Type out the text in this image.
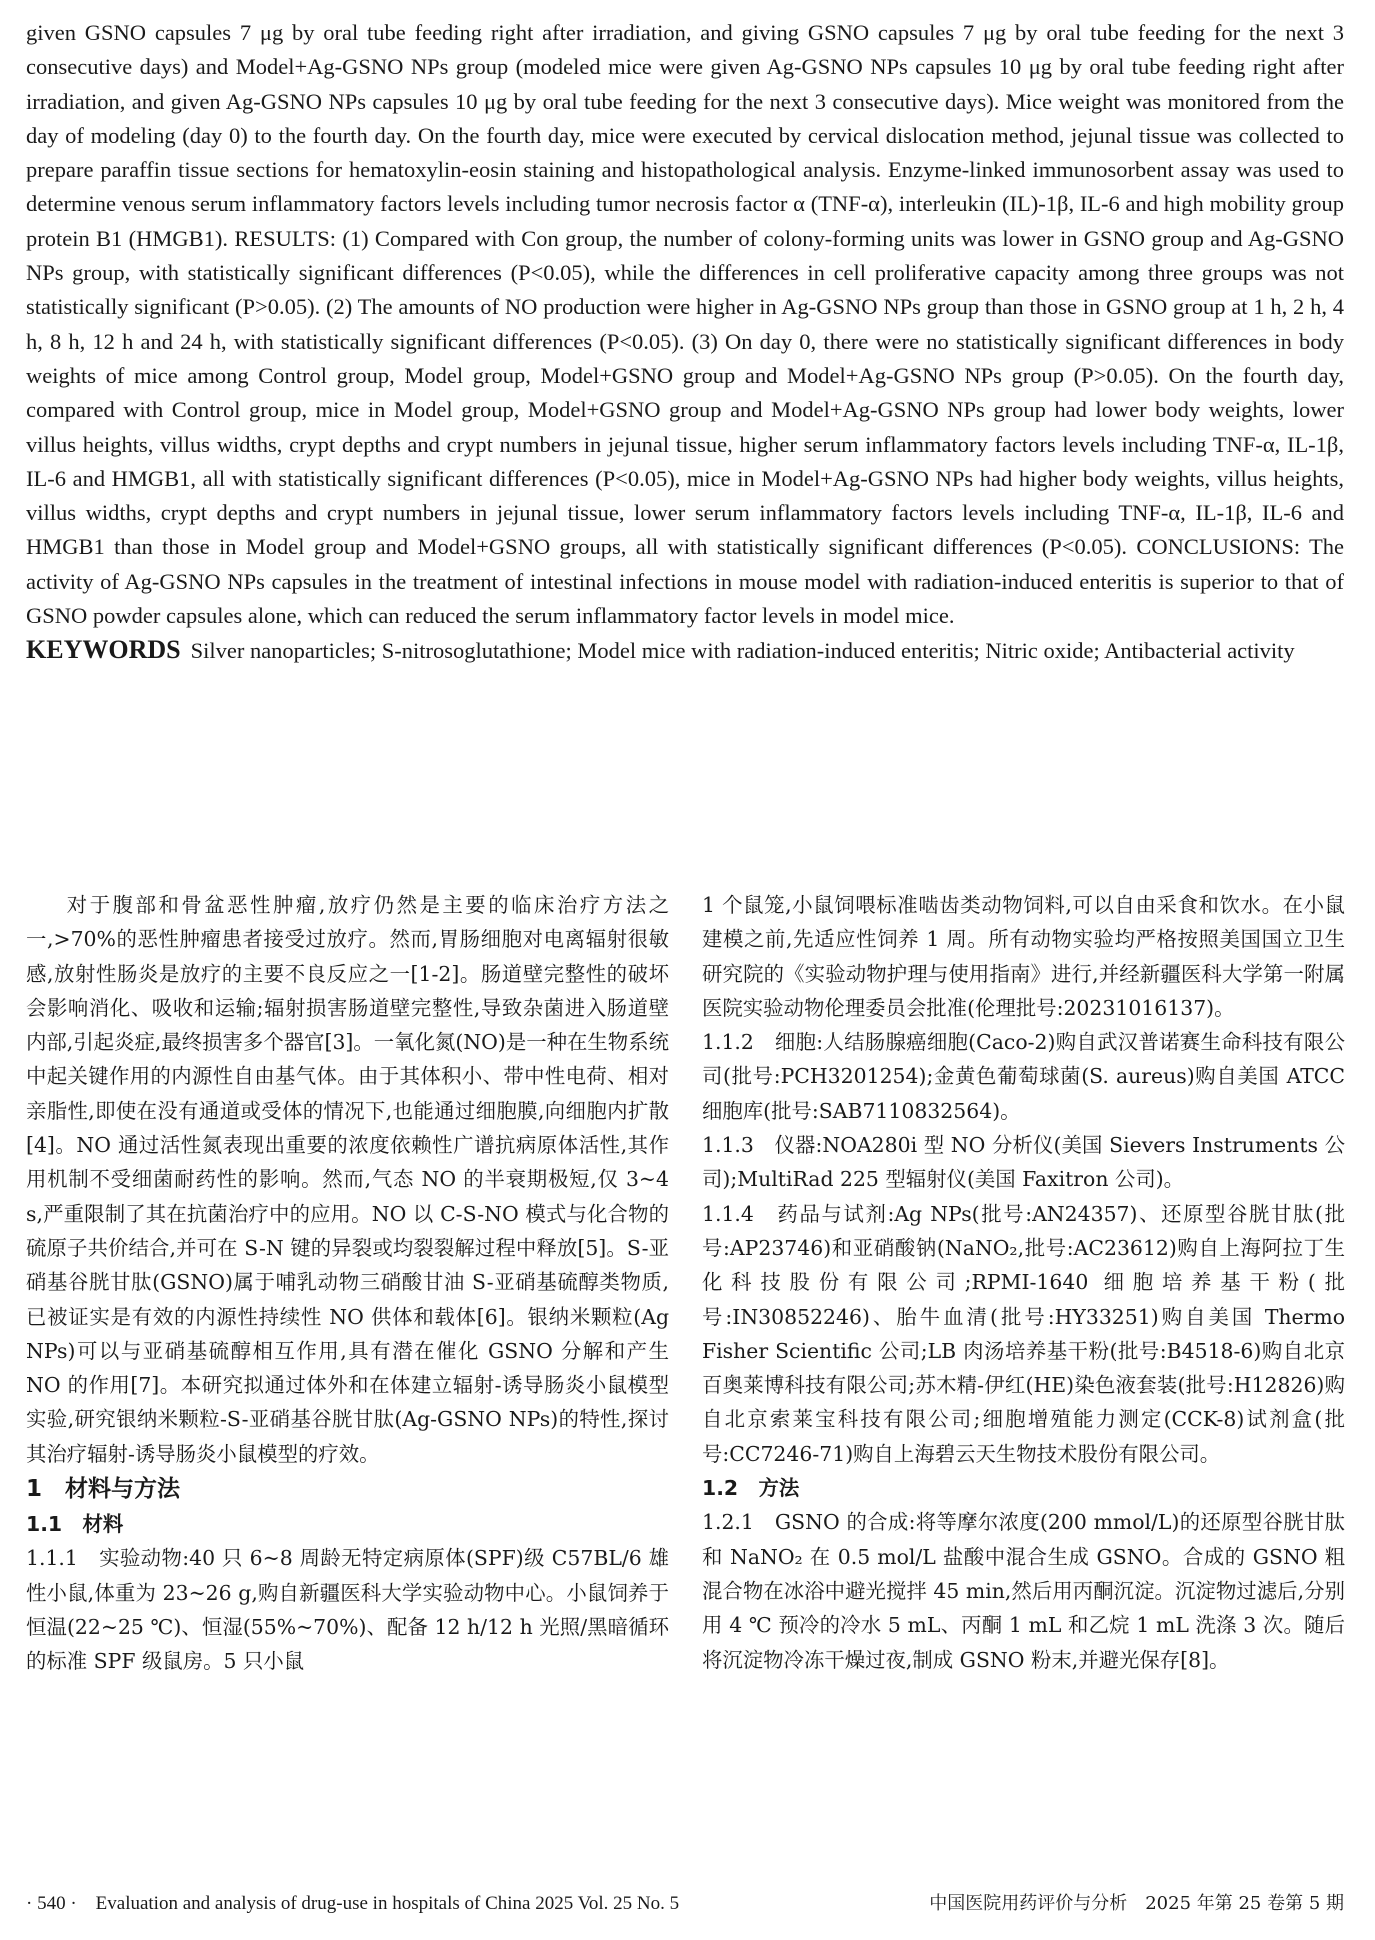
given GSNO capsules 7 μg by oral tube feeding right after irradiation, and giving GSNO capsules 7 μg by oral tube feeding for the next 3 consecutive days) and Model+Ag-GSNO NPs group (modeled mice were given Ag-GSNO NPs capsules 10 μg by oral tube feeding right after irradiation, and given Ag-GSNO NPs capsules 10 μg by oral tube feeding for the next 3 consecutive days). Mice weight was monitored from the day of modeling (day 0) to the fourth day. On the fourth day, mice were executed by cervical dislocation method, jejunal tissue was collected to prepare paraffin tissue sections for hematoxylin-eosin staining and histopathological analysis. Enzyme-linked immunosorbent assay was used to determine venous serum inflammatory factors levels including tumor necrosis factor α (TNF-α), interleukin (IL)-1β, IL-6 and high mobility group protein B1 (HMGB1). RESULTS: (1) Compared with Con group, the number of colony-forming units was lower in GSNO group and Ag-GSNO NPs group, with statistically significant differences (P<0.05), while the differences in cell proliferative capacity among three groups was not statistically significant (P>0.05). (2) The amounts of NO production were higher in Ag-GSNO NPs group than those in GSNO group at 1 h, 2 h, 4 h, 8 h, 12 h and 24 h, with statistically significant differences (P<0.05). (3) On day 0, there were no statistically significant differences in body weights of mice among Control group, Model group, Model+GSNO group and Model+Ag-GSNO NPs group (P>0.05). On the fourth day, compared with Control group, mice in Model group, Model+GSNO group and Model+Ag-GSNO NPs group had lower body weights, lower villus heights, villus widths, crypt depths and crypt numbers in jejunal tissue, higher serum inflammatory factors levels including TNF-α, IL-1β, IL-6 and HMGB1, all with statistically significant differences (P<0.05), mice in Model+Ag-GSNO NPs had higher body weights, villus heights, villus widths, crypt depths and crypt numbers in jejunal tissue, lower serum inflammatory factors levels including TNF-α, IL-1β, IL-6 and HMGB1 than those in Model group and Model+GSNO groups, all with statistically significant differences (P<0.05). CONCLUSIONS: The activity of Ag-GSNO NPs capsules in the treatment of intestinal infections in mouse model with radiation-induced enteritis is superior to that of GSNO powder capsules alone, which can reduced the serum inflammatory factor levels in model mice.

KEYWORDS Silver nanoparticles; S-nitrosoglutathione; Model mice with radiation-induced enteritis; Nitric oxide; Antibacterial activity

对于腹部和骨盆恶性肿瘤,放疗仍然是主要的临床治疗方法之一,>70%的恶性肿瘤患者接受过放疗。然而,胃肠细胞对电离辐射很敏感,放射性肠炎是放疗的主要不良反应之一[1-2]。肠道壁完整性的破坏会影响消化、吸收和运输;辐射损害肠道壁完整性,导致杂菌进入肠道壁内部,引起炎症,最终损害多个器官[3]。一氧化氮(NO)是一种在生物系统中起关键作用的内源性自由基气体。由于其体积小、带中性电荷、相对亲脂性,即使在没有通道或受体的情况下,也能通过细胞膜,向细胞内扩散[4]。NO 通过活性氮表现出重要的浓度依赖性广谱抗病原体活性,其作用机制不受细菌耐药性的影响。然而,气态 NO 的半衰期极短,仅 3~4 s,严重限制了其在抗菌治疗中的应用。NO 以 C-S-NO 模式与化合物的硫原子共价结合,并可在 S-N 键的异裂或均裂裂解过程中释放[5]。S-亚硝基谷胱甘肽(GSNO)属于哺乳动物三硝酸甘油 S-亚硝基硫醇类物质,已被证实是有效的内源性持续性 NO 供体和载体[6]。银纳米颗粒(Ag NPs)可以与亚硝基硫醇相互作用,具有潜在催化 GSNO 分解和产生 NO 的作用[7]。本研究拟通过体外和在体建立辐射-诱导肠炎小鼠模型实验,研究银纳米颗粒-S-亚硝基谷胱甘肽(Ag-GSNO NPs)的特性,探讨其治疗辐射-诱导肠炎小鼠模型的疗效。

1　材料与方法

1.1　材料

1.1.1　实验动物:40 只 6~8 周龄无特定病原体(SPF)级 C57BL/6 雄性小鼠,体重为 23~26 g,购自新疆医科大学实验动物中心。小鼠饲养于恒温(22~25 ℃)、恒湿(55%~70%)、配备 12 h/12 h 光照/黑暗循环的标准 SPF 级鼠房。5 只小鼠

1 个鼠笼,小鼠饲喂标准啮齿类动物饲料,可以自由采食和饮水。在小鼠建模之前,先适应性饲养 1 周。所有动物实验均严格按照美国国立卫生研究院的《实验动物护理与使用指南》进行,并经新疆医科大学第一附属医院实验动物伦理委员会批准(伦理批号:20231016137)。

1.1.2　细胞:人结肠腺癌细胞(Caco-2)购自武汉普诺赛生命科技有限公司(批号:PCH3201254);金黄色葡萄球菌(S. aureus)购自美国 ATCC 细胞库(批号:SAB7110832564)。

1.1.3　仪器:NOA280i 型 NO 分析仪(美国 Sievers Instruments 公司);MultiRad 225 型辐射仪(美国 Faxitron 公司)。

1.1.4　药品与试剂:Ag NPs(批号:AN24357)、还原型谷胱甘肽(批号:AP23746)和亚硝酸钠(NaNO₂,批号:AC23612)购自上海阿拉丁生化科技股份有限公司;RPMI-1640 细胞培养基干粉(批号:IN30852246)、胎牛血清(批号:HY33251)购自美国 Thermo Fisher Scientific 公司;LB 肉汤培养基干粉(批号:B4518-6)购自北京百奥莱博科技有限公司;苏木精-伊红(HE)染色液套装(批号:H12826)购自北京索莱宝科技有限公司;细胞增殖能力测定(CCK-8)试剂盒(批号:CC7246-71)购自上海碧云天生物技术股份有限公司。

1.2　方法

1.2.1　GSNO 的合成:将等摩尔浓度(200 mmol/L)的还原型谷胱甘肽和 NaNO₂ 在 0.5 mol/L 盐酸中混合生成 GSNO。合成的 GSNO 粗混合物在冰浴中避光搅拌 45 min,然后用丙酮沉淀。沉淀物过滤后,分别用 4 ℃ 预冷的冷水 5 mL、丙酮 1 mL 和乙烷 1 mL 洗涤 3 次。随后将沉淀物冷冻干燥过夜,制成 GSNO 粉末,并避光保存[8]。

· 540 ·　Evaluation and analysis of drug-use in hospitals of China 2025 Vol. 25 No. 5	中国医院用药评价与分析　2025 年第 25 卷第 5 期
